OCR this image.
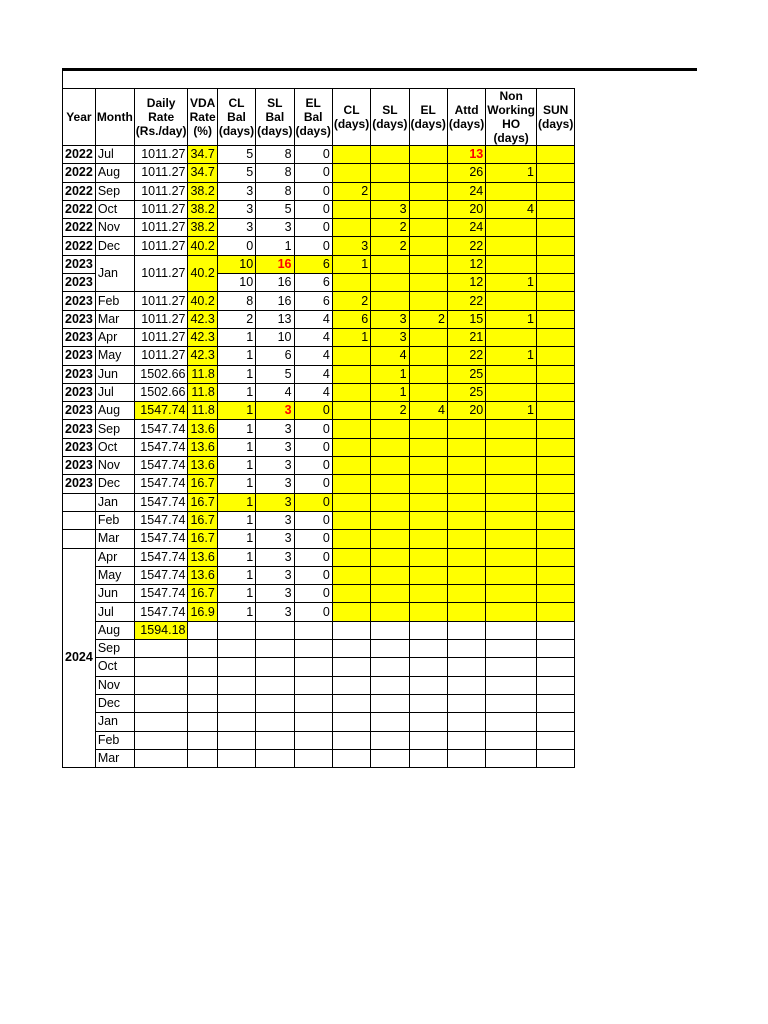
Year	Month	Daily Rate (Rs./day)	VDA Rate (%)	CL Bal (days)	SL Bal (days)	EL Bal (days)	CL (days)	SL (days)	EL (days)	Attd (days)	Non Working HO (days)	SUN (days)
2022	Jul	1011.27	34.7	5	8	0				13		
2022	Aug	1011.27	34.7	5	8	0				26	1	
2022	Sep	1011.27	38.2	3	8	0	2			24		
2022	Oct	1011.27	38.2	3	5	0		3		20	4	
2022	Nov	1011.27	38.2	3	3	0		2		24		
2022	Dec	1011.27	40.2	0	1	0	3	2		22		
2023	Jan	1011.27	40.2	10	16	6	1			12		
2023				10	16	6				12	1	
2023	Feb	1011.27	40.2	8	16	6	2			22		
2023	Mar	1011.27	42.3	2	13	4	6	3	2	15	1	
2023	Apr	1011.27	42.3	1	10	4	1	3		21		
2023	May	1011.27	42.3	1	6	4		4		22	1	
2023	Jun	1502.66	11.8	1	5	4		1		25		
2023	Jul	1502.66	11.8	1	4	4		1		25		
2023	Aug	1547.74	11.8	1	3	0		2	4	20	1	
2023	Sep	1547.74	13.6	1	3	0						
2023	Oct	1547.74	13.6	1	3	0						
2023	Nov	1547.74	13.6	1	3	0						
2023	Dec	1547.74	16.7	1	3	0						
	Jan	1547.74	16.7	1	3	0						
	Feb	1547.74	16.7	1	3	0						
	Mar	1547.74	16.7	1	3	0						
2024	Apr	1547.74	13.6	1	3	0						
	May	1547.74	13.6	1	3	0						
	Jun	1547.74	16.7	1	3	0						
	Jul	1547.74	16.9	1	3	0						
	Aug	1594.18										
	Sep											
	Oct											
	Nov											
	Dec											
	Jan											
	Feb											
	Mar											
